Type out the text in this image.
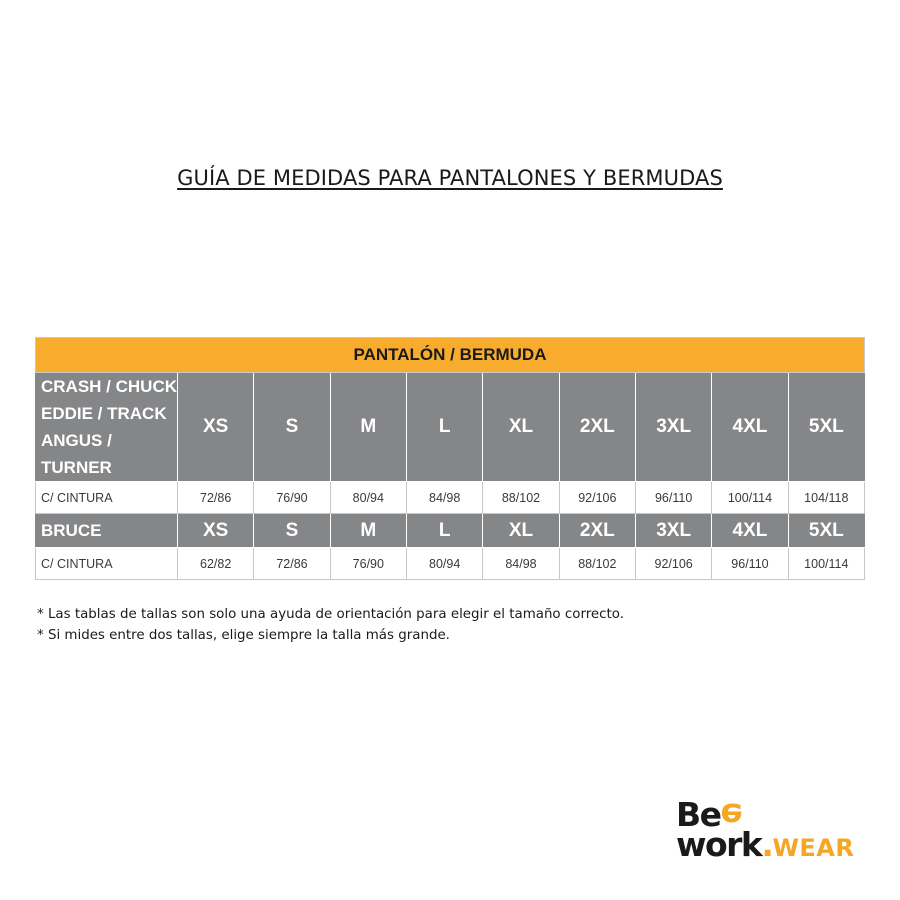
GUÍA DE MEDIDAS PARA PANTALONES Y BERMUDAS
PANTALÓN / BERMUDA									

CRASH / CHUCK
EDDIE / TRACK
ANGUS / TURNER	XS	S	M	L	XL	2XL	3XL	4XL	5XL
C/ CINTURA	72/86	76/90	80/94	84/98	88/102	92/106	96/110	100/114	104/118

BRUCE	XS	S	M	L	XL	2XL	3XL	4XL	5XL
C/ CINTURA	62/82	72/86	76/90	80/94	84/98	88/102	92/106	96/110	100/114
* Las tablas de tallas son solo una ayuda de orientación para elegir el tamaño correcto.
* Si mides entre dos tallas, elige siempre la talla más grande.
Bee
work.WEAR
